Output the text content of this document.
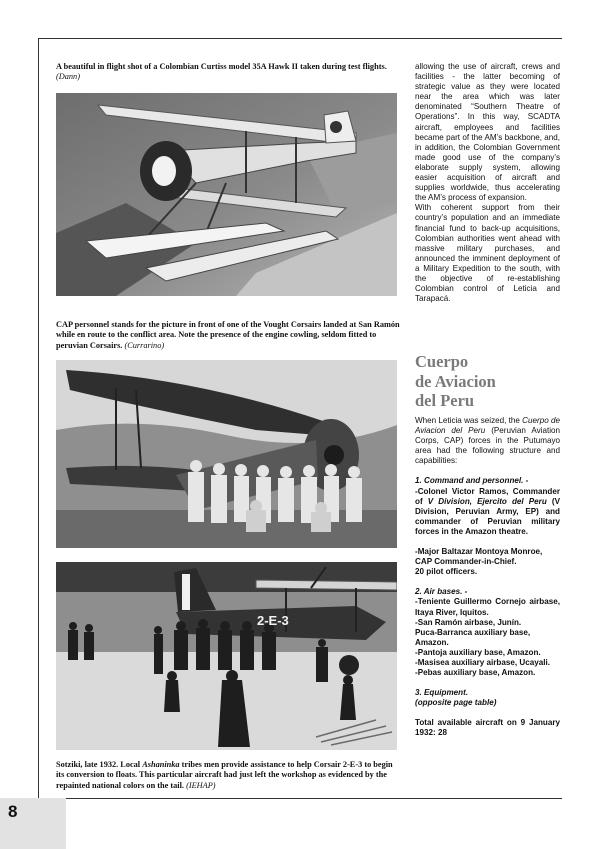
8
A beautiful in flight shot of a Colombian Curtiss model 35A Hawk II taken during test flights. (Dann)
CAP personnel stands for the picture in front of one of the Vought Corsairs landed at San Ramón while en route to the conflict area. Note the presence of the engine cowling, seldom fitted to peruvian Corsairs. (Currarino)
2-E-3
Sotziki, late 1932. Local Ashaninka tribes men provide assistance to help Corsair 2-E-3 to begin its conversion to floats. This particular aircraft had just left the workshop as evidenced by the repainted national colors on the tail. (IEHAP)

allowing the use of aircraft, crews and facilities - the latter becoming of strategic value as they were located near the area which was later denominated “Southern Theatre of Operations”. In this way, SCADTA aircraft, employees and facilities became part of the AM’s backbone, and, in addition, the Colombian Government made good use of the company’s elaborate supply system, allowing easier acquisition of aircraft and supplies worldwide, thus accelerating the AM’s process of expansion.

With coherent support from their country’s population and an immediate financial fund to back-up acquisitions, Colombian authorities went ahead with massive military purchases, and announced the imminent deployment of a Military Expedition to the south, with the objective of re-establishing Colombian control of Leticia and Tarapacá.

Cuerpo
de Aviacion
del Peru

When Leticia was seized, the Cuerpo de Aviacion del Peru (Peruvian Aviation Corps, CAP) forces in the Putumayo area had the following structure and capabilities:

1. Command and personnel. -

-Colonel Victor Ramos, Commander of V Division, Ejercito del Peru (V Division, Peruvian Army, EP) and commander of Peruvian military forces in the Amazon theatre.

-Major Baltazar Montoya Monroe, CAP Commander-in-Chief.

20 pilot officers.

2. Air bases. -

-Teniente Guillermo Cornejo airbase, Itaya River, Iquitos.

-San Ramón airbase, Junín.

Puca-Barranca auxiliary base, Amazon.

-Pantoja auxiliary base, Amazon.

-Masisea auxiliary airbase, Ucayali.

-Pebas auxiliary base, Amazon.

3. Equipment.

(opposite page table)

Total available aircraft on 9 January 1932: 28
